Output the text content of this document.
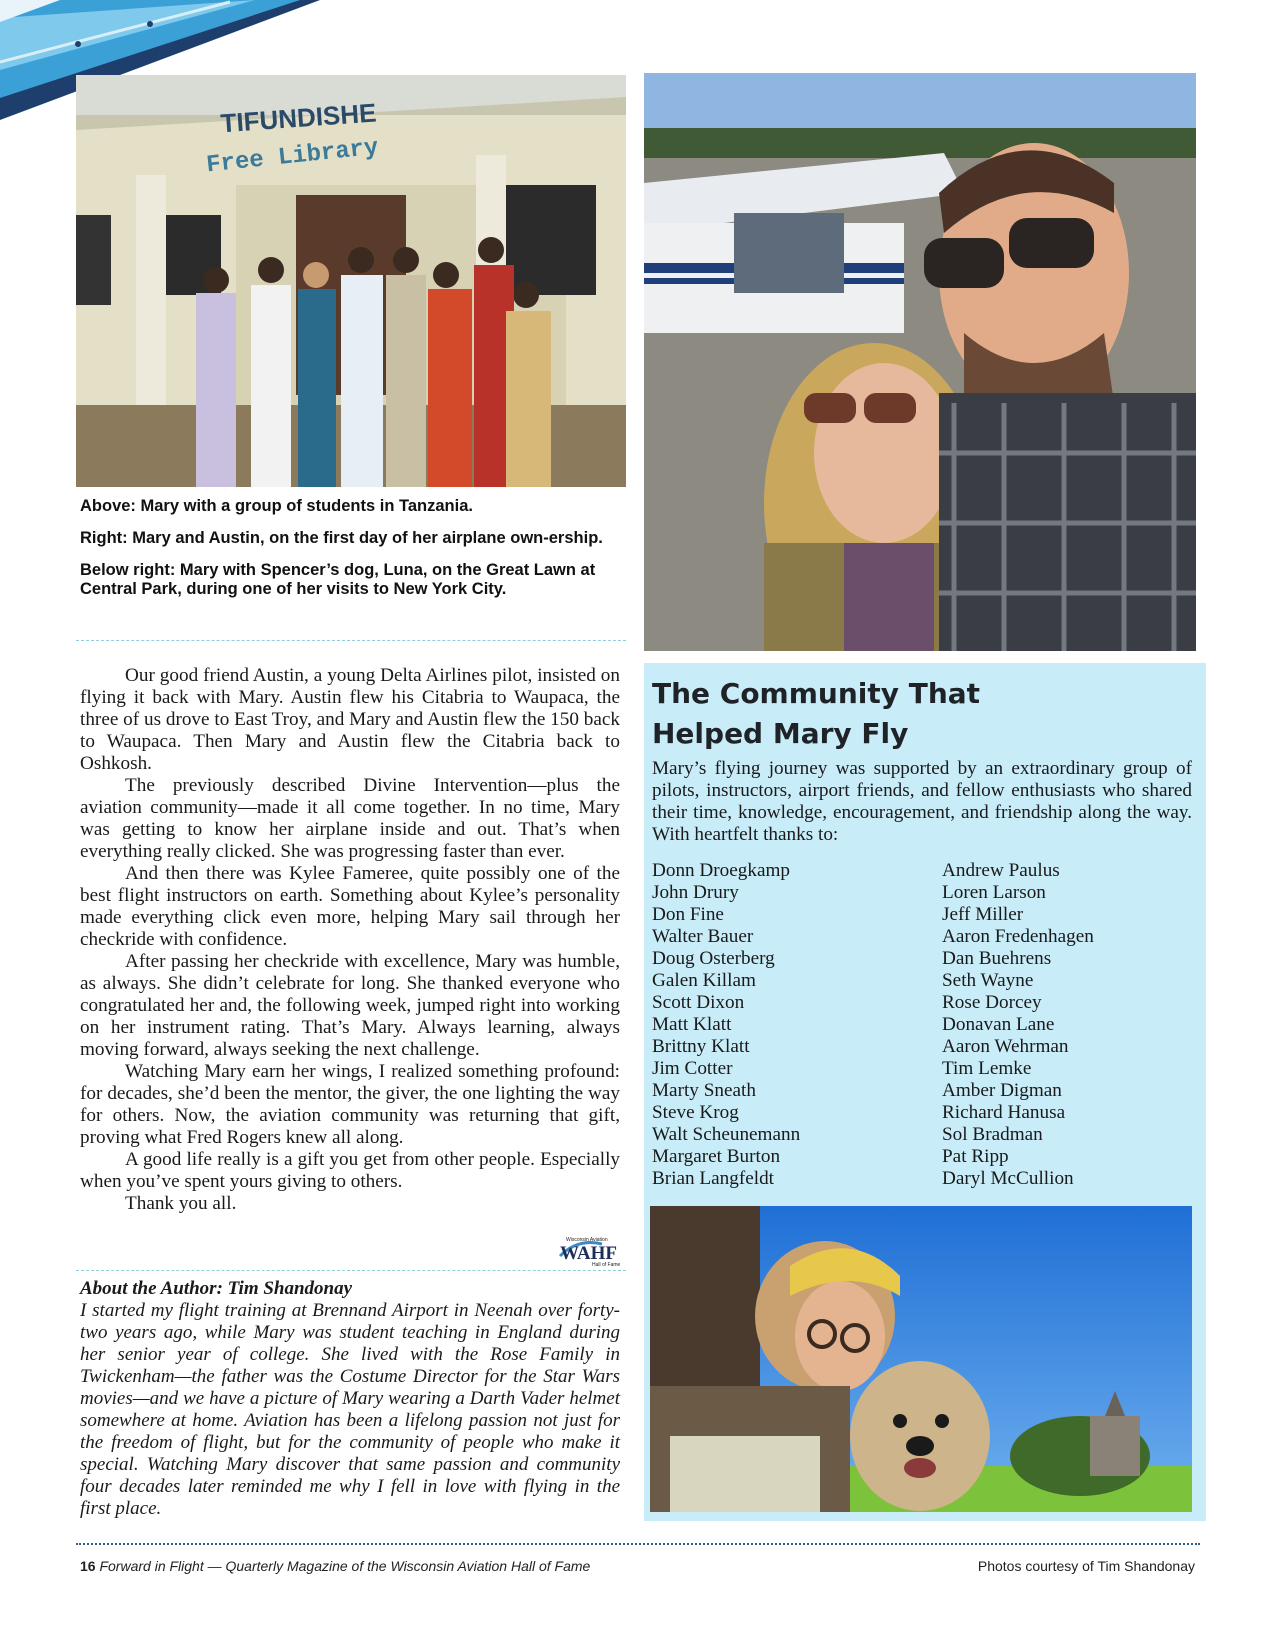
TIFUNDISHE
Free Library

Above: Mary with a group of students in Tanzania.

Right: Mary and Austin, on the first day of her airplane own-ership.

Below right: Mary with Spencer’s dog, Luna, on the Great Lawn at Central Park, during one of her visits to New York City.

Our good friend Austin, a young Delta Airlines pilot, insisted on flying it back with Mary. Austin flew his Citabria to Waupaca, the three of us drove to East Troy, and Mary and Austin flew the 150 back to Waupaca. Then Mary and Austin flew the Citabria back to Oshkosh.

The previously described Divine Intervention—plus the aviation community—made it all come together. In no time, Mary was getting to know her airplane inside and out. That’s when everything really clicked. She was progressing faster than ever.

And then there was Kylee Fameree, quite possibly one of the best flight instructors on earth. Something about Kylee’s personality made everything click even more, helping Mary sail through her checkride with confidence.

After passing her checkride with excellence, Mary was humble, as always. She didn’t celebrate for long. She thanked everyone who congratulated her and, the following week, jumped right into working on her instrument rating. That’s Mary. Always learning, always moving forward, always seeking the next challenge.

Watching Mary earn her wings, I realized something profound: for decades, she’d been the mentor, the giver, the one lighting the way for others. Now, the aviation community was returning that gift, proving what Fred Rogers knew all along.

A good life really is a gift you get from other people. Especially when you’ve spent yours giving to others.

Thank you all.

Wisconsin Aviation
WAHF
Hall of Fame
About the Author: Tim Shandonay
I started my flight training at Brennand Airport in Neenah over forty-two years ago, while Mary was student teaching in England during her senior year of college. She lived with the Rose Family in Twickenham—the father was the Costume Director for the Star Wars movies—and we have a picture of Mary wearing a Darth Vader helmet somewhere at home. Aviation has been a lifelong passion not just for the freedom of flight, but for the community of people who make it special. Watching Mary discover that same passion and community four decades later reminded me why I fell in love with flying in the first place.
The Community That
Helped Mary Fly
Mary’s flying journey was supported by an extraordinary group of pilots, instructors, airport friends, and fellow enthusiasts who shared their time, knowledge, encouragement, and friendship along the way. With heartfelt thanks to:
Donn Droegkamp
John Drury
Don Fine
Walter Bauer
Doug Osterberg
Galen Killam
Scott Dixon
Matt Klatt
Brittny Klatt
Jim Cotter
Marty Sneath
Steve Krog
Walt Scheunemann
Margaret Burton
Brian Langfeldt
Andrew Paulus
Loren Larson
Jeff Miller
Aaron Fredenhagen
Dan Buehrens
Seth Wayne
Rose Dorcey
Donavan Lane
Aaron Wehrman
Tim Lemke
Amber Digman
Richard Hanusa
Sol Bradman
Pat Ripp
Daryl McCullion
16 Forward in Flight — Quarterly Magazine of the Wisconsin Aviation Hall of Fame	Photos courtesy of Tim Shandonay
